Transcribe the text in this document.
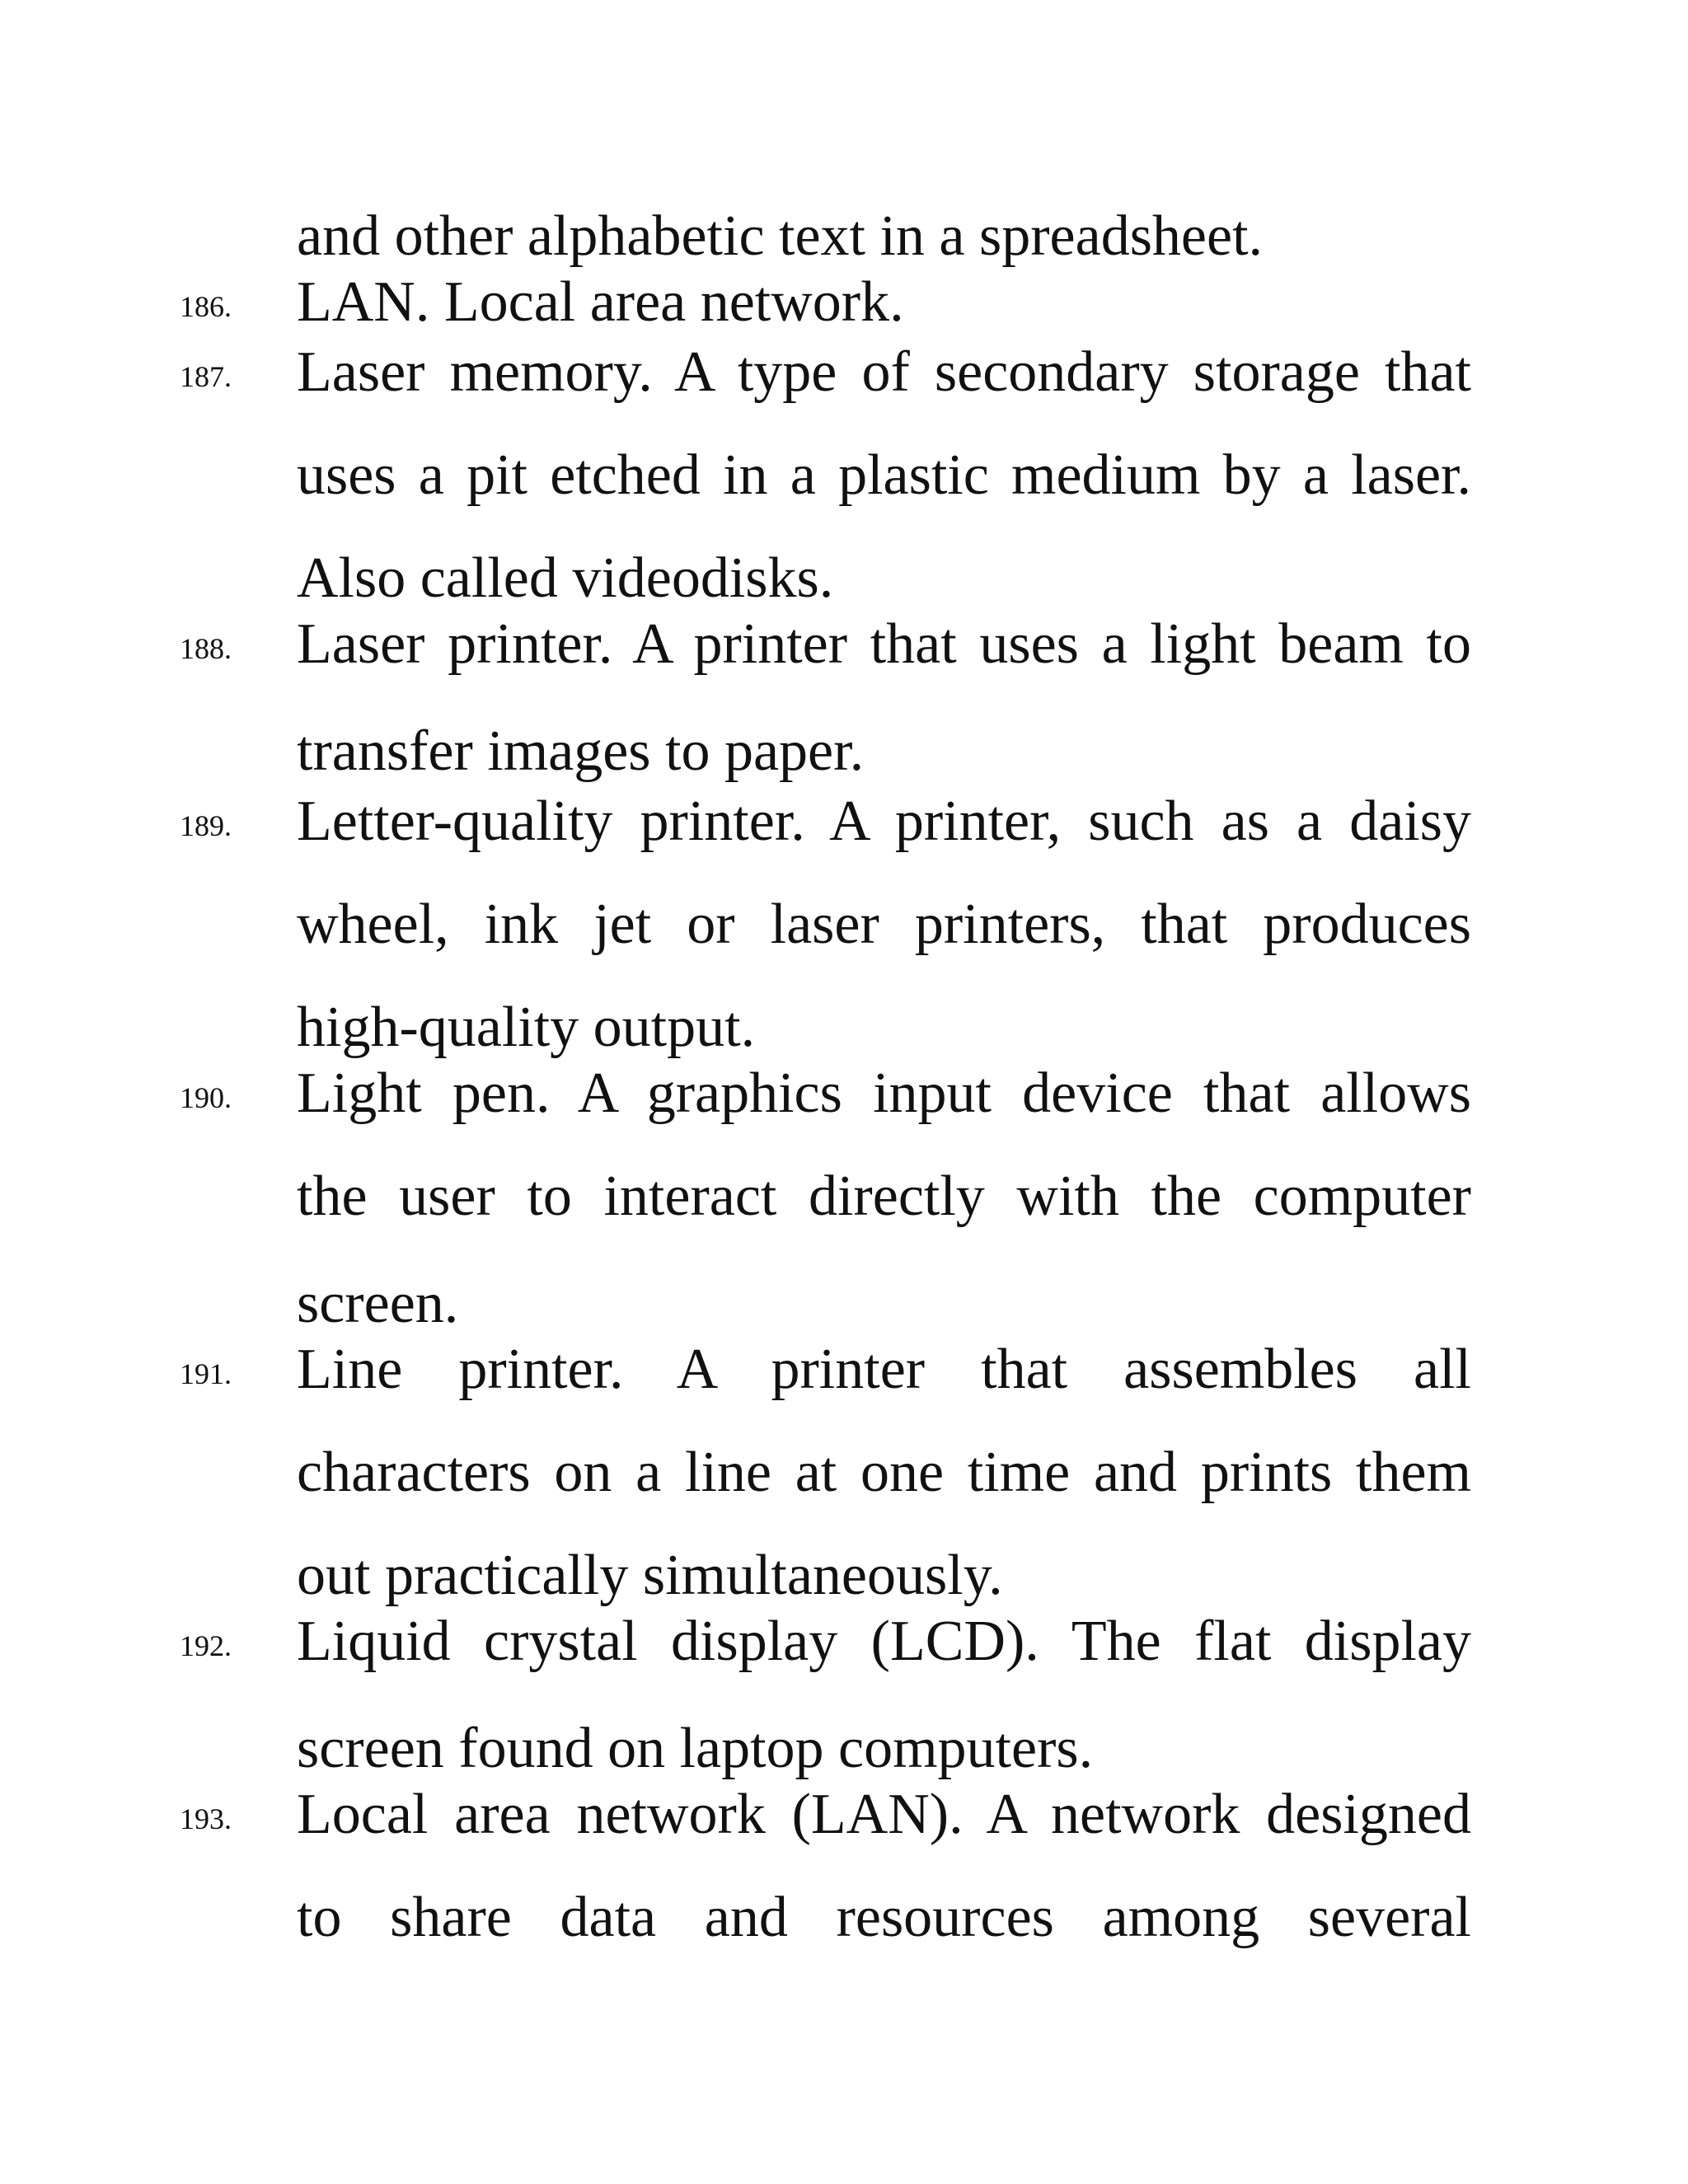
and other alphabetic text in a spreadsheet.
186.	LAN. Local area network.
187.	Laser memory. A type of secondary storage that
uses a pit etched in a plastic medium by a laser.
Also called videodisks.
188.	Laser printer. A printer that uses a light beam to
transfer images to paper.
189.	Letter-quality printer. A printer, such as a daisy
wheel, ink jet or laser printers, that produces
high-quality output.
190.	Light pen. A graphics input device that allows
the user to interact directly with the computer
screen.
191.	Line printer. A printer that assembles all
characters on a line at one time and prints them
out practically simultaneously.
192.	Liquid crystal display (LCD). The flat display
screen found on laptop computers.
193.	Local area network (LAN). A network designed
to share data and resources among several
